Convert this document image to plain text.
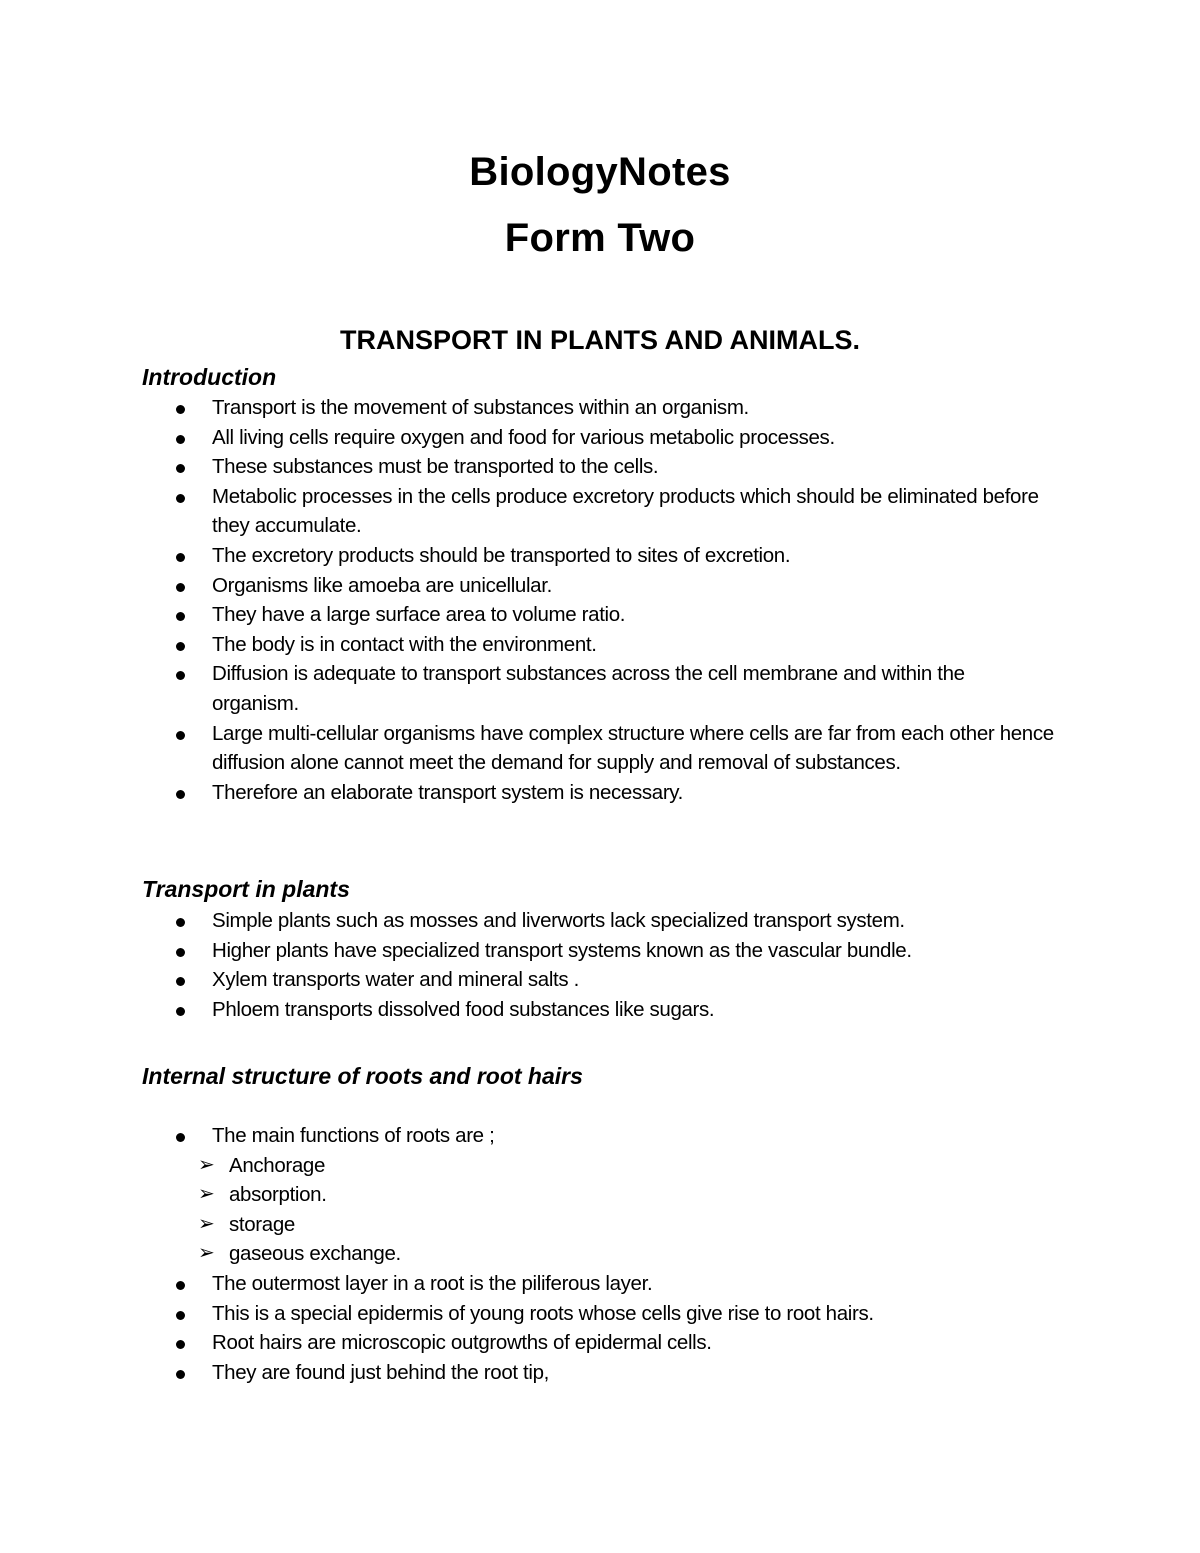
BiologyNotes
Form Two
TRANSPORT IN PLANTS AND ANIMALS.
Introduction
Transport is the movement of substances within an organism.
All living cells require oxygen and food for various metabolic processes.
These substances must be transported to the cells.
Metabolic processes in the cells produce excretory products which should be eliminated before they accumulate.
The excretory products should be transported to sites of excretion.
Organisms like amoeba are unicellular.
They have a large surface area to volume ratio.
The body is in contact with the environment.
Diffusion is adequate to transport substances across the cell membrane and within the organism.
Large multi-cellular organisms have complex structure where cells are far from each other hence diffusion alone cannot meet the demand for supply and removal of substances.
Therefore an elaborate transport system is necessary.
Transport in plants
Simple plants such as mosses and liverworts lack specialized transport system.
Higher plants have specialized transport systems known as the vascular bundle.
Xylem transports water and mineral salts .
Phloem transports dissolved food substances like sugars.
Internal structure of roots and root hairs
The main functions of roots are ;
➢ Anchorage
➢ absorption.
➢ storage
➢ gaseous exchange.
The outermost layer in a root is the piliferous layer.
This is a special epidermis of young roots whose cells give rise to root hairs.
Root hairs are microscopic outgrowths of epidermal cells.
They are found just behind the root tip,
